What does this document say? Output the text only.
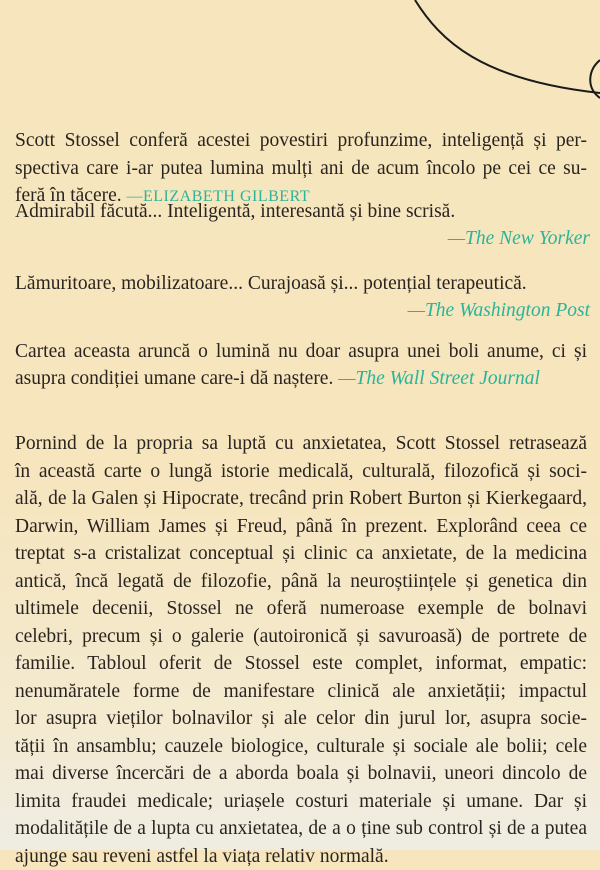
Scott Stossel conferă acestei povestiri profunzime, inteligență și per-
spectiva care i-ar putea lumina mulți ani de acum încolo pe cei ce su-
feră în tăcere. —ELIZABETH GILBERT
Admirabil făcută... Inteligentă, interesantă și bine scrisă.
—The New Yorker
Lămuritoare, mobilizatoare... Curajoasă și... potențial terapeutică.
—The Washington Post
Cartea aceasta aruncă o lumină nu doar asupra unei boli anume, ci și
asupra condiției umane care-i dă naștere. —The Wall Street Journal
Pornind de la propria sa luptă cu anxietatea, Scott Stossel retrasează
în această carte o lungă istorie medicală, culturală, filozofică și soci-
ală, de la Galen și Hipocrate, trecând prin Robert Burton și Kierkegaard,
Darwin, William James și Freud, până în prezent. Explorând ceea ce
treptat s-a cristalizat conceptual și clinic ca anxietate, de la medicina
antică, încă legată de filozofie, până la neuroștiințele și genetica din
ultimele decenii, Stossel ne oferă numeroase exemple de bolnavi
celebri, precum și o galerie (autoironică și savuroasă) de portrete de
familie. Tabloul oferit de Stossel este complet, informat, empatic:
nenumăratele forme de manifestare clinică ale anxietății; impactul
lor asupra vieților bolnavilor și ale celor din jurul lor, asupra socie-
tății în ansamblu; cauzele biologice, culturale și sociale ale bolii; cele
mai diverse încercări de a aborda boala și bolnavii, uneori dincolo de
limita fraudei medicale; uriașele costuri materiale și umane. Dar și
modalitățile de a lupta cu anxietatea, de a o ține sub control și de a putea
ajunge sau reveni astfel la viața relativ normală.
